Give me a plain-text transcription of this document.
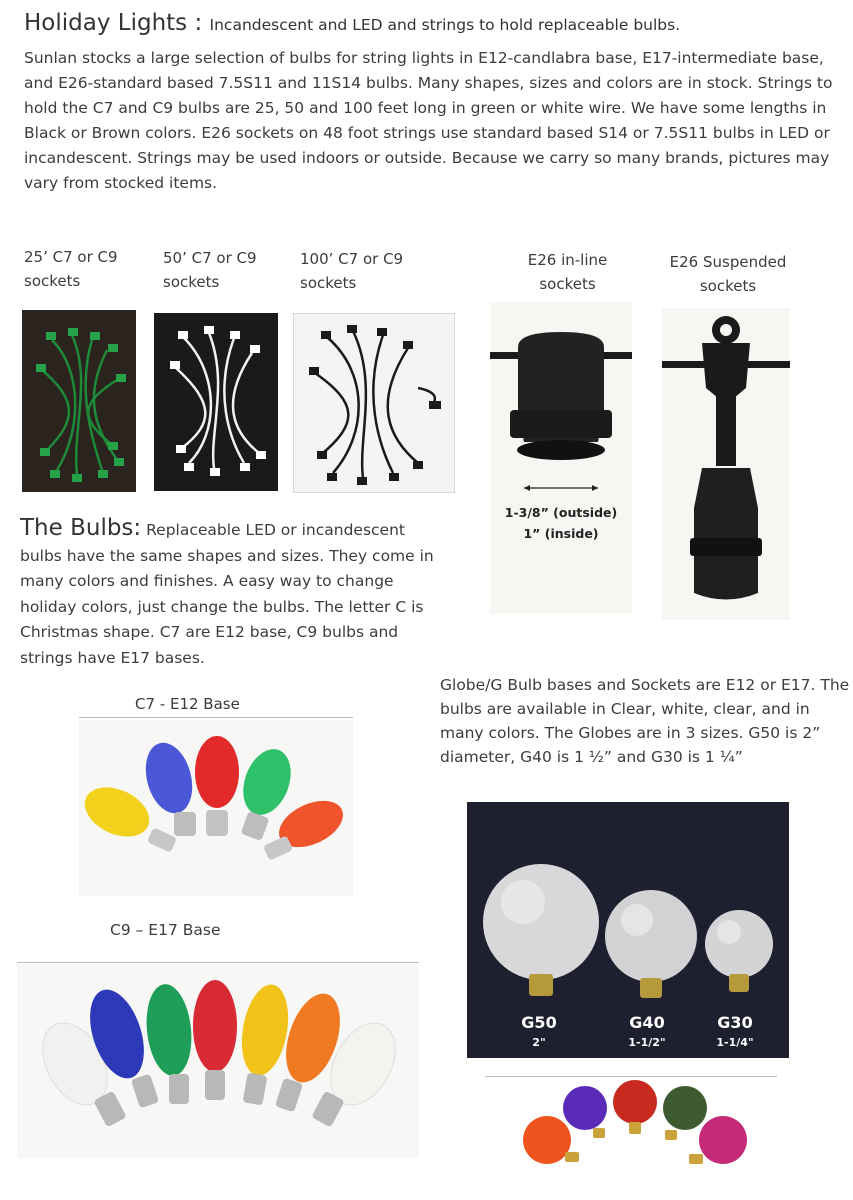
Holiday Lights : Incandescent and LED and strings to hold replaceable bulbs.
Sunlan stocks a large selection of bulbs for string lights in E12-candlabra base, E17-intermediate base, and E26-standard based 7.5S11 and 11S14 bulbs. Many shapes, sizes and colors are in stock. Strings to hold the C7 and C9 bulbs are 25, 50 and 100 feet long in green or white wire. We have some lengths in Black or Brown colors. E26 sockets on 48 foot strings use standard based S14 or 7.5S11 bulbs in LED or incandescent. Strings may be used indoors or outside. Because we carry so many brands, pictures may vary from stocked items.
25’ C7 or C9 sockets
50’ C7 or C9 sockets
100’ C7 or C9 sockets
E26 in-line sockets
E26 Suspended sockets
1-3/8” (outside)
1” (inside)
The Bulbs: Replaceable LED or incandescent bulbs have the same shapes and sizes. They come in many colors and finishes. A easy way to change holiday colors, just change the bulbs. The letter C is Christmas shape. C7 are E12 base, C9 bulbs and strings have E17 bases.
Globe/G Bulb bases and Sockets are E12 or E17. The bulbs are available in Clear, white, clear, and in many colors. The Globes are in 3 sizes. G50 is 2” diameter, G40 is 1 ½” and G30 is 1 ¼”
C7 - E12 Base
C9 – E17 Base
G50
2"
G40
1-1/2"
G30
1-1/4"
